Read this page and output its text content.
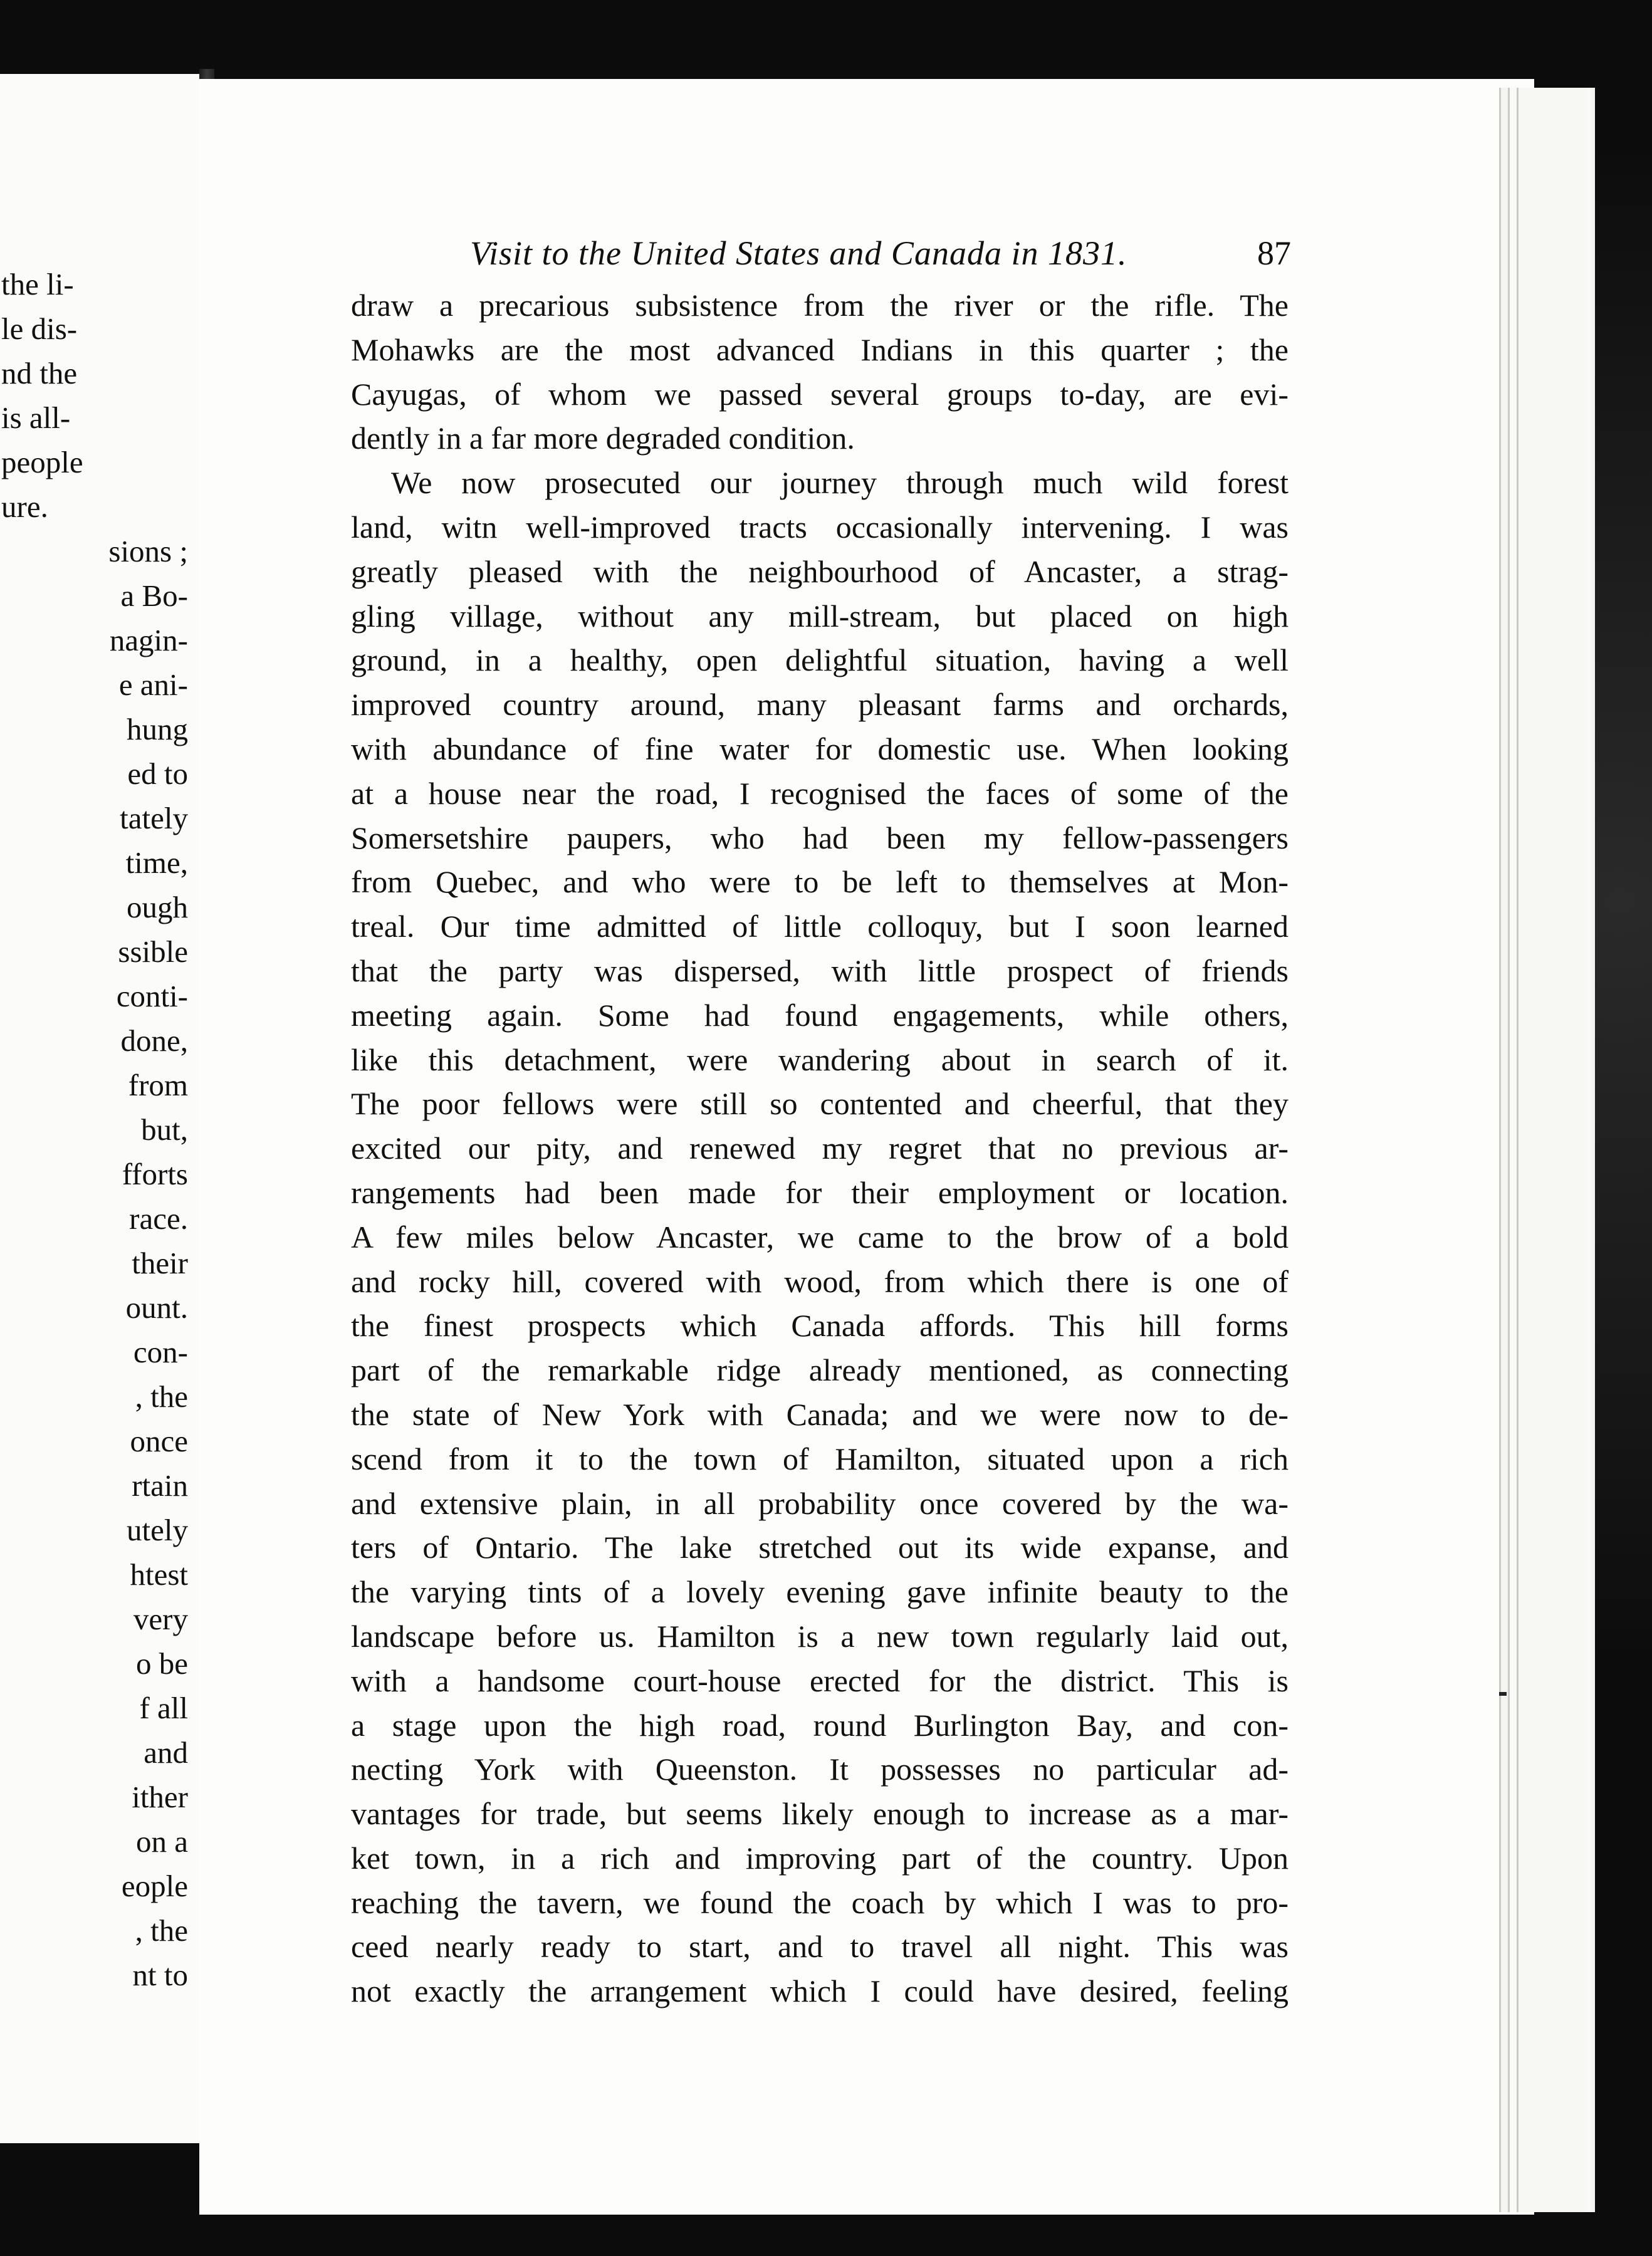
the li-
le dis-
nd the
is all-
people
ure.
sions ;
a Bo-
nagin-
e ani-
hung
ed to
tately
time,
ough
ssible
conti-
done,
from
but,
fforts
race.
their
ount.
con-
, the
once
rtain
utely
htest
very
o be
f all
and
ither
on a
eople
, the
nt to
Visit to the United States and Canada in 1831.	87
draw a precarious subsistence from the river or the rifle. The
Mohawks are the most advanced Indians in this quarter ; the
Cayugas, of whom we passed several groups to-day, are evi-
dently in a far more degraded condition.
We now prosecuted our journey through much wild forest
land, witn well-improved tracts occasionally intervening. I was
greatly pleased with the neighbourhood of Ancaster, a strag-
gling village, without any mill-stream, but placed on high
ground, in a healthy, open delightful situation, having a well
improved country around, many pleasant farms and orchards,
with abundance of fine water for domestic use. When looking
at a house near the road, I recognised the faces of some of the
Somersetshire paupers, who had been my fellow-passengers
from Quebec, and who were to be left to themselves at Mon-
treal. Our time admitted of little colloquy, but I soon learned
that the party was dispersed, with little prospect of friends
meeting again. Some had found engagements, while others,
like this detachment, were wandering about in search of it.
The poor fellows were still so contented and cheerful, that they
excited our pity, and renewed my regret that no previous ar-
rangements had been made for their employment or location.
A few miles below Ancaster, we came to the brow of a bold
and rocky hill, covered with wood, from which there is one of
the finest prospects which Canada affords. This hill forms
part of the remarkable ridge already mentioned, as connecting
the state of New York with Canada; and we were now to de-
scend from it to the town of Hamilton, situated upon a rich
and extensive plain, in all probability once covered by the wa-
ters of Ontario. The lake stretched out its wide expanse, and
the varying tints of a lovely evening gave infinite beauty to the
landscape before us. Hamilton is a new town regularly laid out,
with a handsome court-house erected for the district. This is
a stage upon the high road, round Burlington Bay, and con-
necting York with Queenston. It possesses no particular ad-
vantages for trade, but seems likely enough to increase as a mar-
ket town, in a rich and improving part of the country. Upon
reaching the tavern, we found the coach by which I was to pro-
ceed nearly ready to start, and to travel all night. This was
not exactly the arrangement which I could have desired, feeling
